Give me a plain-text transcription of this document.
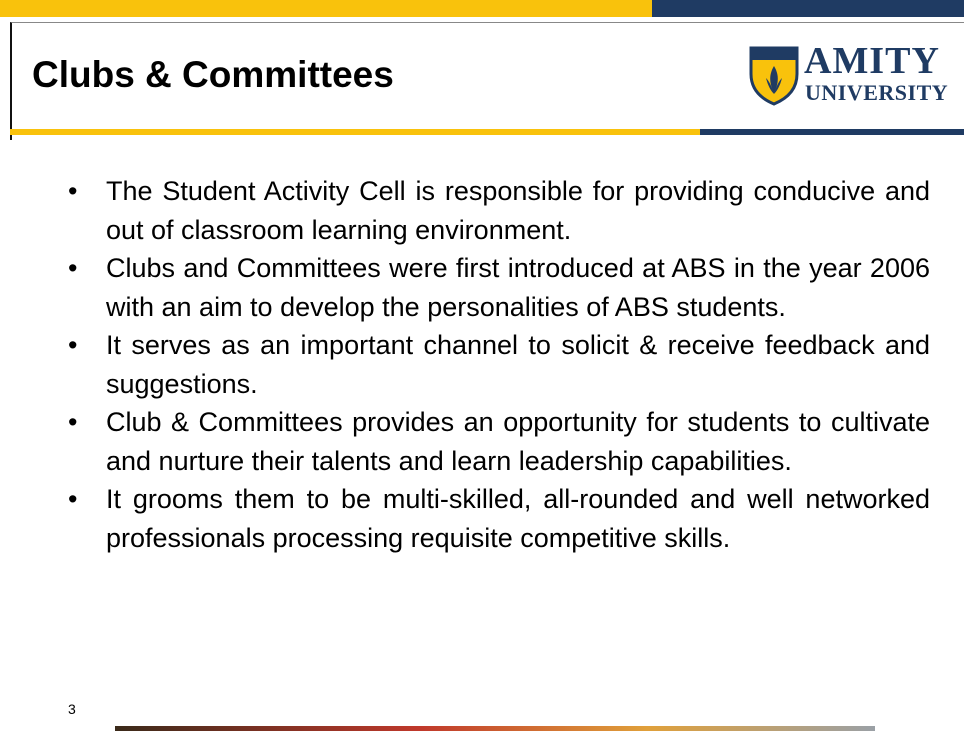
Clubs & Committees	AMITY
UNIVERSITY
• The Student Activity Cell is responsible for providing conducive and out of classroom learning environment.
• Clubs and Committees were first introduced at ABS in the year 2006 with an aim to develop the personalities of ABS students.
• It serves as an important channel to solicit & receive feedback and suggestions.
• Club & Committees provides an opportunity for students to cultivate and nurture their talents and learn leadership capabilities.
• It grooms them to be multi-skilled, all-rounded and well networked professionals processing requisite competitive skills.
3
